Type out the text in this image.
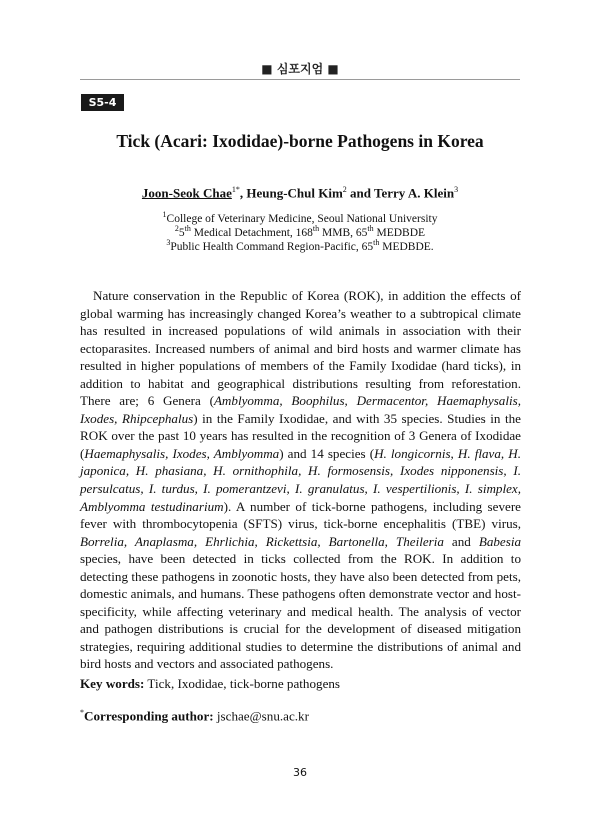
■ 심포지엄 ■
S5-4
Tick (Acari: Ixodidae)-borne Pathogens in Korea
Joon-Seok Chae$^{1*}$, Heung-Chul Kim$^2$ and Terry A. Klein$^3$
$^1$College of Veterinary Medicine, Seoul National University
$^2$5th Medical Detachment, 168th MMB, 65th MEDBDE
$^3$Public Health Command Region-Pacific, 65th MEDBDE.

Nature conservation in the Republic of Korea (ROK), in addition the effects of global warming has increasingly changed Korea’s weather to a subtropical climate has resulted in increased populations of wild animals in association with their ectoparasites. Increased numbers of animal and bird hosts and warmer climate has resulted in higher populations of members of the Family Ixodidae (hard ticks), in addition to habitat and geographical distributions resulting from reforestation. There are; 6 Genera (Amblyomma, Boophilus, Dermacentor, Haemaphysalis, Ixodes, Rhipcephalus) in the Family Ixodidae, and with 35 species. Studies in the ROK over the past 10 years has resulted in the recognition of 3 Genera of Ixodidae (Haemaphysalis, Ixodes, Amblyomma) and 14 species (H. longicornis, H. flava, H. japonica, H. phasiana, H. ornithophila, H. formosensis, Ixodes nipponensis, I. persulcatus, I. turdus, I. pomerantzevi, I. granulatus, I. vespertilionis, I. simplex, Amblyomma testudinarium). A number of tick-borne pathogens, including severe fever with thrombocytopenia (SFTS) virus, tick-borne encephalitis (TBE) virus, Borrelia, Anaplasma, Ehrlichia, Rickettsia, Bartonella, Theileria and Babesia species, have been detected in ticks collected from the ROK. In addition to detecting these pathogens in zoonotic hosts, they have also been detected from pets, domestic animals, and humans. These pathogens often demonstrate vector and host-specificity, while affecting veterinary and medical health. The analysis of vector and pathogen distributions is crucial for the development of diseased mitigation strategies, requiring additional studies to determine the distributions of animal and bird hosts and vectors and associated pathogens.

Key words: Tick, Ixodidae, tick-borne pathogens
*Corresponding author: jschae@snu.ac.kr
36
